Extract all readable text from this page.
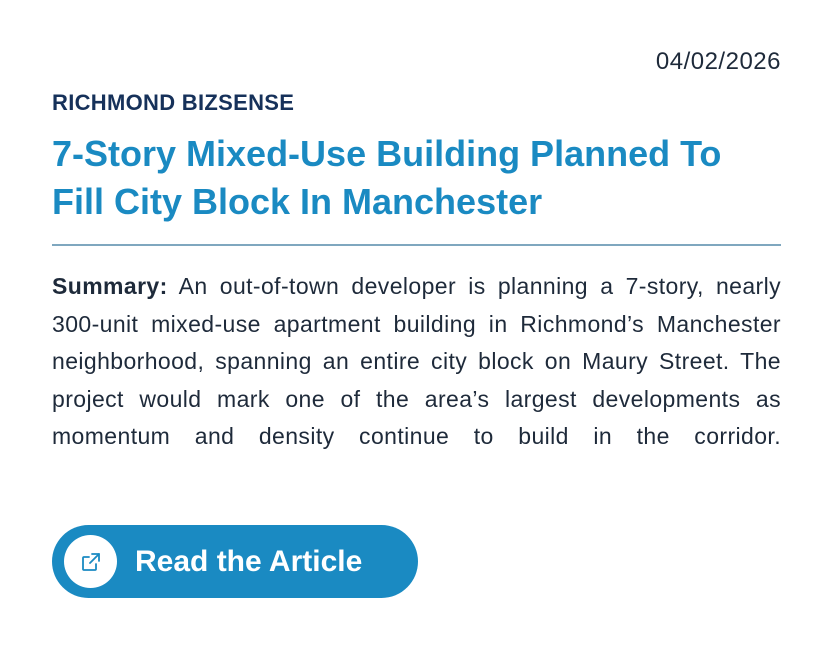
04/02/2026
RICHMOND BIZSENSE
7-Story Mixed-Use Building Planned To Fill City Block In Manchester

Summary: An out-of-town developer is planning a 7-story, nearly 300-unit mixed-use apartment building in Richmond’s Manchester neighborhood, spanning an entire city block on Maury Street. The project would mark one of the area’s largest developments as momentum and density continue to build in the corridor.

Read the Article
